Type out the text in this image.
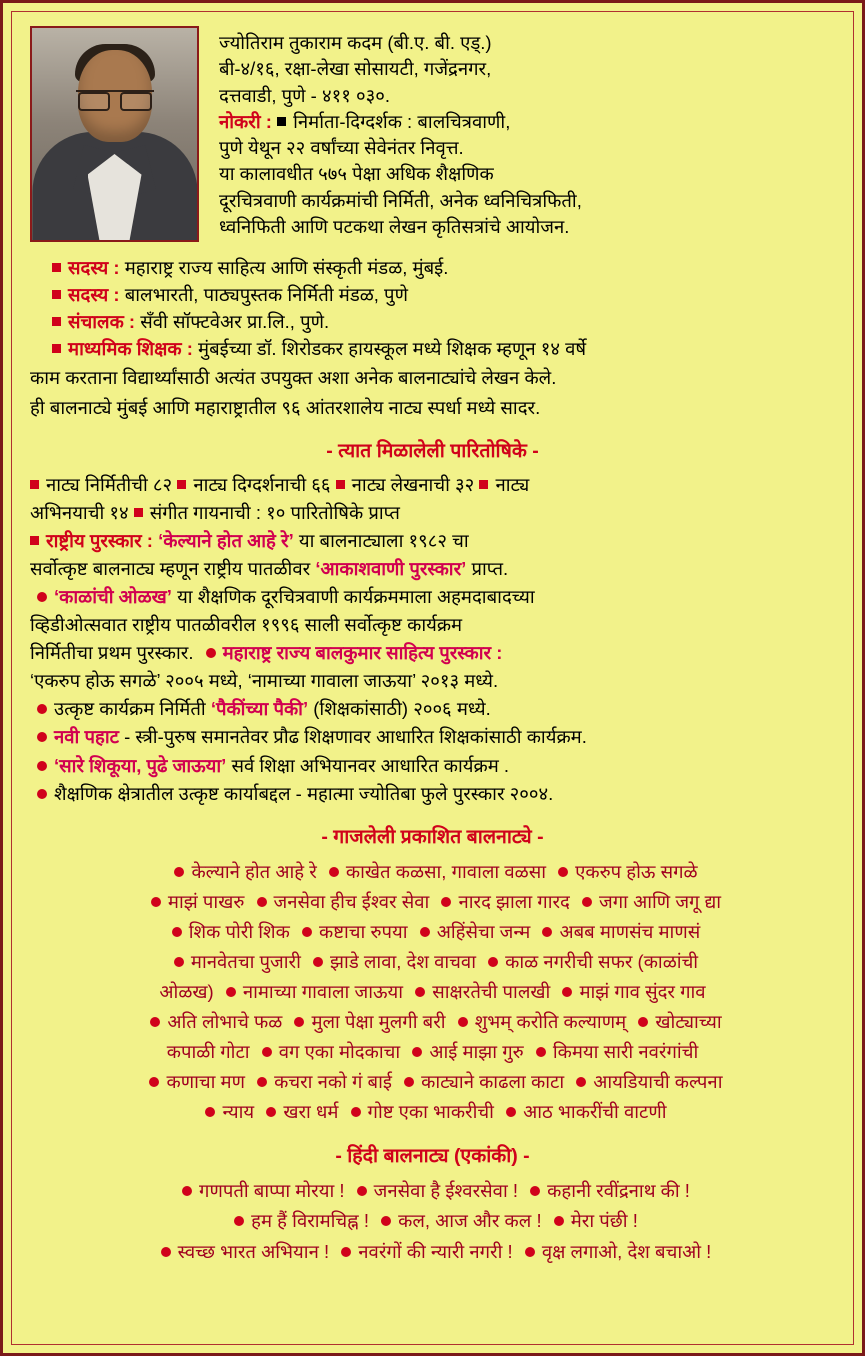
ज्योतिराम तुकाराम कदम (बी.ए. बी. एड्.)
बी-४/१६, रक्षा-लेखा सोसायटी, गजेंद्रनगर,
दत्तवाडी, पुणे - ४११ ०३०.
नोकरी : निर्माता-दिग्दर्शक : बालचित्रवाणी,
पुणे येथून २२ वर्षांच्या सेवेनंतर निवृत्त.
या कालावधीत ५७५ पेक्षा अधिक शैक्षणिक
दूरचित्रवाणी कार्यक्रमांची निर्मिती, अनेक ध्वनिचित्रफिती,
ध्वनिफिती आणि पटकथा लेखन कृतिसत्रांचे आयोजन.
सदस्य : महाराष्ट्र राज्य साहित्य आणि संस्कृती मंडळ, मुंबई.
सदस्य : बालभारती, पाठ्यपुस्तक निर्मिती मंडळ, पुणे
संचालक : सॅंवी सॉफ्टवेअर प्रा.लि., पुणे.
माध्यमिक शिक्षक : मुंबईच्या डॉ. शिरोडकर हायस्कूल मध्ये शिक्षक म्हणून १४ वर्षे
काम करताना विद्यार्थ्यांसाठी अत्यंत उपयुक्त अशा अनेक बालनाट्यांचे लेखन केले.
ही बालनाट्ये मुंबई आणि महाराष्ट्रातील ९६ आंतरशालेय नाट्य स्पर्धा मध्ये सादर.
- त्यात मिळालेली पारितोषिके -
नाट्य निर्मितीची ८२ नाट्य दिग्दर्शनाची ६६ नाट्य लेखनाची ३२ नाट्य
अभिनयाची १४ संगीत गायनाची : १० पारितोषिके प्राप्त
राष्ट्रीय पुरस्कार : ‘केल्याने होत आहे रे’ या बालनाट्याला १९८२ चा
सर्वोत्कृष्ट बालनाट्य म्हणून राष्ट्रीय पातळीवर ‘आकाशवाणी पुरस्कार’ प्राप्त.
‘काळांची ओळख’ या शैक्षणिक दूरचित्रवाणी कार्यक्रममाला अहमदाबादच्या
व्हिडीओत्सवात राष्ट्रीय पातळीवरील १९९६ साली सर्वोत्कृष्ट कार्यक्रम
निर्मितीचा प्रथम पुरस्कार. महाराष्ट्र राज्य बालकुमार साहित्य पुरस्कार :
‘एकरुप होऊ सगळे’ २००५ मध्ये, ‘नामाच्या गावाला जाऊया’ २०१३ मध्ये.
उत्कृष्ट कार्यक्रम निर्मिती ‘पैकींच्या पैकी’ (शिक्षकांसाठी) २००६ मध्ये.
नवी पहाट - स्त्री-पुरुष समानतेवर प्रौढ शिक्षणावर आधारित शिक्षकांसाठी कार्यक्रम.
‘सारे शिकूया, पुढे जाऊया’ सर्व शिक्षा अभियानवर आधारित कार्यक्रम .
शैक्षणिक क्षेत्रातील उत्कृष्ट कार्याबद्दल - महात्मा ज्योतिबा फुले पुरस्कार २००४.
- गाजलेली प्रकाशित बालनाट्ये -
केल्याने होत आहे रे काखेत कळसा, गावाला वळसा एकरुप होऊ सगळे
माझं पाखरु जनसेवा हीच ईश्वर सेवा नारद झाला गारद जगा आणि जगू द्या
शिक पोरी शिक कष्टाचा रुपया अहिंसेचा जन्म अबब माणसंच माणसं
मानवेतचा पुजारी झाडे लावा, देश वाचवा काळ नगरीची सफर (काळांची
ओळख) नामाच्या गावाला जाऊया साक्षरतेची पालखी माझं गाव सुंदर गाव
अति लोभाचे फळ मुला पेक्षा मुलगी बरी शुभम् करोति कल्याणम् खोट्याच्या
कपाळी गोटा वग एका मोदकाचा आई माझा गुरु किमया सारी नवरंगांची
कणाचा मण कचरा नको गं बाई काट्याने काढला काटा आयडियाची कल्पना
न्याय खरा धर्म गोष्ट एका भाकरीची आठ भाकरींची वाटणी
- हिंदी बालनाट्य (एकांकी) -
गणपती बाप्पा मोरया ! जनसेवा है ईश्वरसेवा ! कहानी रवींद्रनाथ की !
हम हैं विरामचिह्न ! कल, आज और कल ! मेरा पंछी !
स्वच्छ भारत अभियान ! नवरंगों की न्यारी नगरी ! वृक्ष लगाओ, देश बचाओ !
